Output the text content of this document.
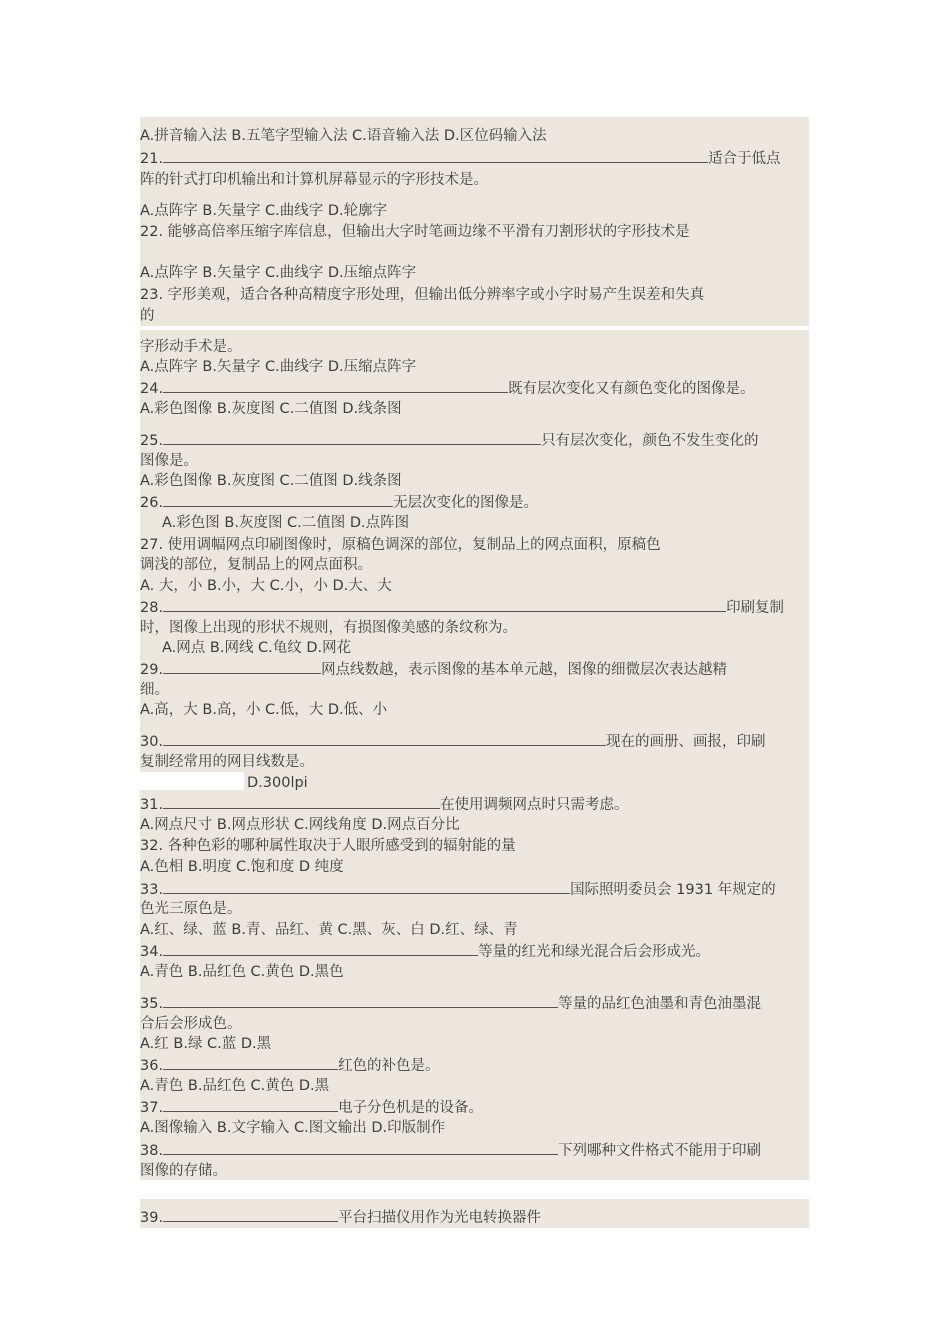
A.拼音输入法 B.五笔字型输入法 C.语音输入法 D.区位码输入法
21.	适合于低点
阵的针式打印机输出和计算机屏幕显示的字形技术是。
A.点阵字 B.矢量字 C.曲线字 D.轮廓字
22. 能够高倍率压缩字库信息，但输出大字时笔画边缘不平滑有刀割形状的字形技术是
A.点阵字 B.矢量字 C.曲线字 D.压缩点阵字
23. 字形美观，适合各种高精度字形处理，但输出低分辨率字或小字时易产生误差和失真
的
字形动手术是。
A.点阵字 B.矢量字 C.曲线字 D.压缩点阵字
24.	既有层次变化又有颜色变化的图像是。
A.彩色图像 B.灰度图 C.二值图 D.线条图
25.	只有层次变化，颜色不发生变化的
图像是。
A.彩色图像 B.灰度图 C.二值图 D.线条图
26.	无层次变化的图像是。
A.彩色图 B.灰度图 C.二值图 D.点阵图
27. 使用调幅网点印刷图像时，原稿色调深的部位，复制品上的网点面积，原稿色
调浅的部位，复制品上的网点面积。
A. 大，小 B.小，大 C.小，小 D.大、大
28.	印刷复制
时，图像上出现的形状不规则，有损图像美感的条纹称为。
A.网点 B.网线 C.龟纹 D.网花
29.	网点线数越，表示图像的基本单元越，图像的细微层次表达越精
细。
A.高，大 B.高，小 C.低，大 D.低、小
30.	现在的画册、画报，印刷
复制经常用的网目线数是。
D.300lpi
31.	在使用调频网点时只需考虑。
A.网点尺寸 B.网点形状 C.网线角度 D.网点百分比
32. 各种色彩的哪种属性取决于人眼所感受到的辐射能的量
A.色相 B.明度 C.饱和度 D 纯度
33.	国际照明委员会 1931 年规定的
色光三原色是。
A.红、绿、蓝 B.青、品红、黄 C.黑、灰、白 D.红、绿、青
34.	等量的红光和绿光混合后会形成光。
A.青色 B.品红色 C.黄色 D.黑色
35.	等量的品红色油墨和青色油墨混
合后会形成色。
A.红 B.绿 C.蓝 D.黑
36.	红色的补色是。
A.青色 B.品红色 C.黄色 D.黑
37.	电子分色机是的设备。
A.图像输入 B.文字输入 C.图文输出 D.印版制作
38.	下列哪种文件格式不能用于印刷
图像的存储。
39.	平台扫描仪用作为光电转换器件
